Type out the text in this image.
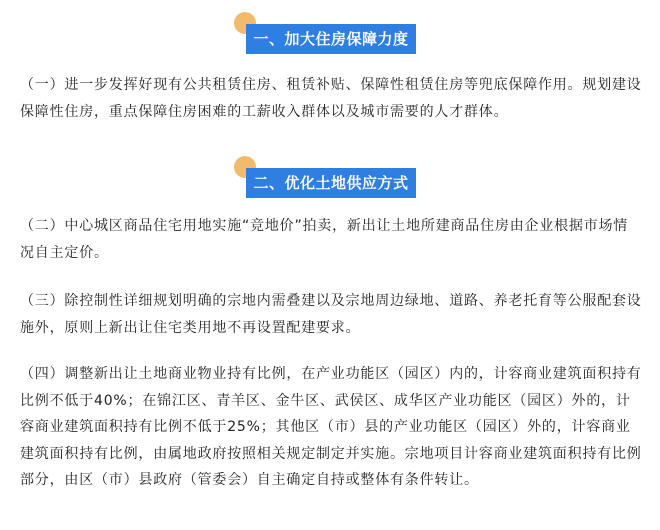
一、加大住房保障力度

（一）进一步发挥好现有公共租赁住房、租赁补贴、保障性租赁住房等兜底保障作用。规划建设保障性住房，重点保障住房困难的工薪收入群体以及城市需要的人才群体。

二、优化土地供应方式

（二）中心城区商品住宅用地实施“竞地价”拍卖，新出让土地所建商品住房由企业根据市场情况自主定价。

（三）除控制性详细规划明确的宗地内需叠建以及宗地周边绿地、道路、养老托育等公服配套设施外，原则上新出让住宅类用地不再设置配建要求。

（四）调整新出让土地商业物业持有比例，在产业功能区（园区）内的，计容商业建筑面积持有比例不低于40%；在锦江区、青羊区、金牛区、武侯区、成华区产业功能区（园区）外的，计容商业建筑面积持有比例不低于25%；其他区（市）县的产业功能区（园区）外的，计容商业建筑面积持有比例，由属地政府按照相关规定制定并实施。宗地项目计容商业建筑面积持有比例部分，由区（市）县政府（管委会）自主确定自持或整体有条件转让。
